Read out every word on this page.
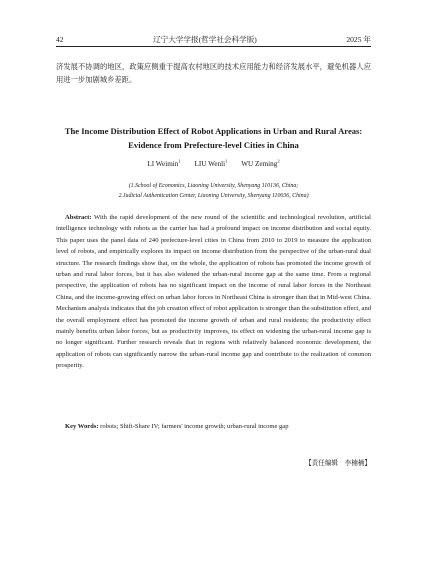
42	辽宁大学学报(哲学社会科学版)	2025 年
济发展不协调的地区，政策应侧重于提高农村地区的技术应用能力和经济发展水平，避免机器人应用进一步加剧城乡差距。
The Income Distribution Effect of Robot Applications in Urban and Rural Areas: Evidence from Prefecture-level Cities in China
LI Weimin$^1$ LIU Wenli$^1$ WU Zeming$^2$
(1.School of Economics, Liaoning University, Shenyang 110136, China;
2.Judicial Authentication Center, Liaoning University, Shenyang 110036, China)
Abstract: With the rapid development of the new round of the scientific and technological revolution, artificial intelligence technology with robots as the carrier has had a profound impact on income distribution and social equity. This paper uses the panel data of 240 prefecture-level cities in China from 2010 to 2019 to measure the application level of robots, and empirically explores its impact on income distribution from the perspective of the urban-rural dual structure. The research findings show that, on the whole, the application of robots has promoted the income growth of urban and rural labor forces, but it has also widened the urban-rural income gap at the same time. From a regional perspective, the application of robots has no significant impact on the income of rural labor forces in the Northeast China, and the income-growing effect on urban labor forces in Northeast China is stronger than that in Mid-west China. Mechanism analysis indicates that the job creation effect of robot application is stronger than the substitution effect, and the overall employment effect has promoted the income growth of urban and rural residents; the productivity effect mainly benefits urban labor forces, but as productivity improves, its effect on widening the urban-rural income gap is no longer significant. Further research reveals that in regions with relatively balanced economic development, the application of robots can significantly narrow the urban-rural income gap and contribute to the realization of common prosperity.
Key Words: robots; Shift-Share IV; farmers' income growth; urban-rural income gap
【责任编辑　李楠楠】
